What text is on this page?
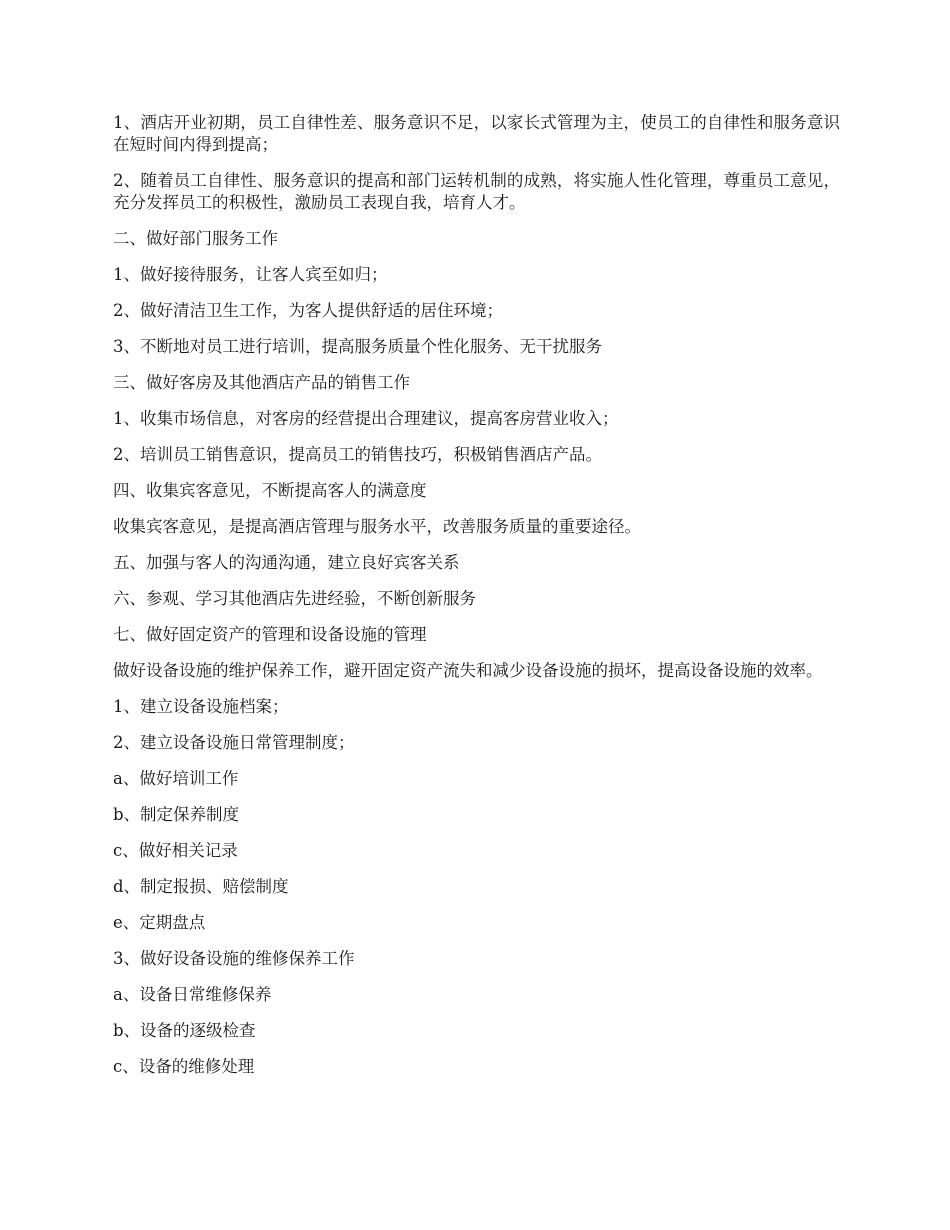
1、酒店开业初期，员工自律性差、服务意识不足，以家长式管理为主，使员工的自律性和服务意识在短时间内得到提高；

2、随着员工自律性、服务意识的提高和部门运转机制的成熟，将实施人性化管理，尊重员工意见，充分发挥员工的积极性，激励员工表现自我，培育人才。

二、做好部门服务工作

1、做好接待服务，让客人宾至如归；

2、做好清洁卫生工作，为客人提供舒适的居住环境；

3、不断地对员工进行培训，提高服务质量个性化服务、无干扰服务

三、做好客房及其他酒店产品的销售工作

1、收集市场信息，对客房的经营提出合理建议，提高客房营业收入；

2、培训员工销售意识，提高员工的销售技巧，积极销售酒店产品。

四、收集宾客意见，不断提高客人的满意度

收集宾客意见，是提高酒店管理与服务水平，改善服务质量的重要途径。

五、加强与客人的沟通沟通，建立良好宾客关系

六、参观、学习其他酒店先进经验，不断创新服务

七、做好固定资产的管理和设备设施的管理

做好设备设施的维护保养工作，避开固定资产流失和减少设备设施的损坏，提高设备设施的效率。

1、建立设备设施档案；

2、建立设备设施日常管理制度；

a、做好培训工作

b、制定保养制度

c、做好相关记录

d、制定报损、赔偿制度

e、定期盘点

3、做好设备设施的维修保养工作

a、设备日常维修保养

b、设备的逐级检查

c、设备的维修处理
